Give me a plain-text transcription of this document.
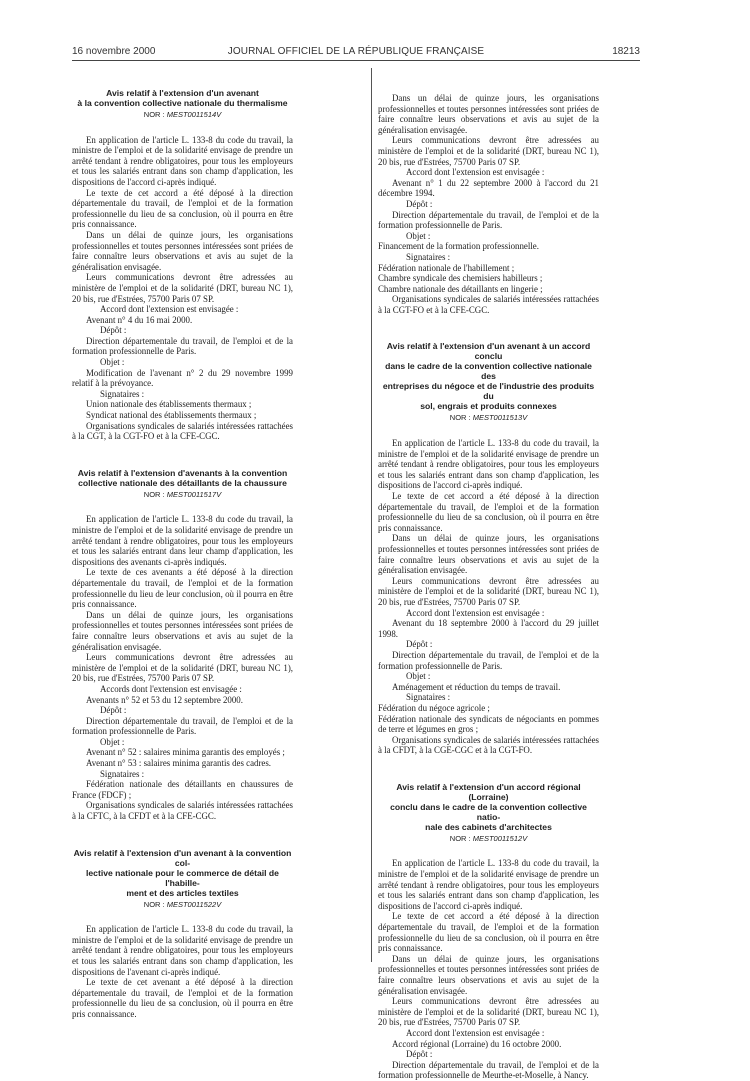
16 novembre 2000	JOURNAL OFFICIEL DE LA RÉPUBLIQUE FRANÇAISE	18213

Avis relatif à l'extension d'un avenant

à la convention collective nationale du thermalisme

NOR : MEST0011514V

En application de l'article L. 133-8 du code du travail, la ministre de l'emploi et de la solidarité envisage de prendre un arrêté tendant à rendre obligatoires, pour tous les employeurs et tous les salariés entrant dans son champ d'application, les dispositions de l'accord ci-après indiqué.

Le texte de cet accord a été déposé à la direction départementale du travail, de l'emploi et de la formation professionnelle du lieu de sa conclusion, où il pourra en être pris connaissance.

Dans un délai de quinze jours, les organisations professionnelles et toutes personnes intéressées sont priées de faire connaître leurs observations et avis au sujet de la généralisation envisagée.

Leurs communications devront être adressées au ministère de l'emploi et de la solidarité (DRT, bureau NC 1), 20 bis, rue d'Estrées, 75700 Paris 07 SP.

Accord dont l'extension est envisagée :

Avenant n° 4 du 16 mai 2000.

Dépôt :

Direction départementale du travail, de l'emploi et de la formation professionnelle de Paris.

Objet :

Modification de l'avenant n° 2 du 29 novembre 1999 relatif à la prévoyance.

Signataires :

Union nationale des établissements thermaux ;

Syndicat national des établissements thermaux ;

Organisations syndicales de salariés intéressées rattachées à la CGT, à la CGT-FO et à la CFE-CGC.

Avis relatif à l'extension d'avenants à la convention

collective nationale des détaillants de la chaussure

NOR : MEST0011517V

En application de l'article L. 133-8 du code du travail, la ministre de l'emploi et de la solidarité envisage de prendre un arrêté tendant à rendre obligatoires, pour tous les employeurs et tous les salariés entrant dans leur champ d'application, les dispositions des avenants ci-après indiqués.

Le texte de ces avenants a été déposé à la direction départementale du travail, de l'emploi et de la formation professionnelle du lieu de leur conclusion, où il pourra en être pris connaissance.

Dans un délai de quinze jours, les organisations professionnelles et toutes personnes intéressées sont priées de faire connaître leurs observations et avis au sujet de la généralisation envisagée.

Leurs communications devront être adressées au ministère de l'emploi et de la solidarité (DRT, bureau NC 1), 20 bis, rue d'Estrées, 75700 Paris 07 SP.

Accords dont l'extension est envisagée :

Avenants n° 52 et 53 du 12 septembre 2000.

Dépôt :

Direction départementale du travail, de l'emploi et de la formation professionnelle de Paris.

Objet :

Avenant n° 52 : salaires minima garantis des employés ;

Avenant n° 53 : salaires minima garantis des cadres.

Signataires :

Fédération nationale des détaillants en chaussures de France (FDCF) ;

Organisations syndicales de salariés intéressées rattachées à la CFTC, à la CFDT et à la CFE-CGC.

Avis relatif à l'extension d'un avenant à la convention col-

lective nationale pour le commerce de détail de l'habille-

ment et des articles textiles

NOR : MEST0011522V

En application de l'article L. 133-8 du code du travail, la ministre de l'emploi et de la solidarité envisage de prendre un arrêté tendant à rendre obligatoires, pour tous les employeurs et tous les salariés entrant dans son champ d'application, les dispositions de l'avenant ci-après indiqué.

Le texte de cet avenant a été déposé à la direction départementale du travail, de l'emploi et de la formation professionnelle du lieu de sa conclusion, où il pourra en être pris connaissance.

Dans un délai de quinze jours, les organisations professionnelles et toutes personnes intéressées sont priées de faire connaître leurs observations et avis au sujet de la généralisation envisagée.

Leurs communications devront être adressées au ministère de l'emploi et de la solidarité (DRT, bureau NC 1), 20 bis, rue d'Estrées, 75700 Paris 07 SP.

Accord dont l'extension est envisagée :

Avenant n° 1 du 22 septembre 2000 à l'accord du 21 décembre 1994.

Dépôt :

Direction départementale du travail, de l'emploi et de la formation professionnelle de Paris.

Objet :

Financement de la formation professionnelle.

Signataires :

Fédération nationale de l'habillement ;

Chambre syndicale des chemisiers habilleurs ;

Chambre nationale des détaillants en lingerie ;

Organisations syndicales de salariés intéressées rattachées à la CGT-FO et à la CFE-CGC.

Avis relatif à l'extension d'un avenant à un accord conclu

dans le cadre de la convention collective nationale des

entreprises du négoce et de l'industrie des produits du

sol, engrais et produits connexes

NOR : MEST0011513V

En application de l'article L. 133-8 du code du travail, la ministre de l'emploi et de la solidarité envisage de prendre un arrêté tendant à rendre obligatoires, pour tous les employeurs et tous les salariés entrant dans son champ d'application, les dispositions de l'accord ci-après indiqué.

Le texte de cet accord a été déposé à la direction départementale du travail, de l'emploi et de la formation professionnelle du lieu de sa conclusion, où il pourra en être pris connaissance.

Dans un délai de quinze jours, les organisations professionnelles et toutes personnes intéressées sont priées de faire connaître leurs observations et avis au sujet de la généralisation envisagée.

Leurs communications devront être adressées au ministère de l'emploi et de la solidarité (DRT, bureau NC 1), 20 bis, rue d'Estrées, 75700 Paris 07 SP.

Accord dont l'extension est envisagée :

Avenant du 18 septembre 2000 à l'accord du 29 juillet 1998.

Dépôt :

Direction départementale du travail, de l'emploi et de la formation professionnelle de Paris.

Objet :

Aménagement et réduction du temps de travail.

Signataires :

Fédération du négoce agricole ;

Fédération nationale des syndicats de négociants en pommes de terre et légumes en gros ;

Organisations syndicales de salariés intéressées rattachées à la CFDT, à la CGE-CGC et à la CGT-FO.

Avis relatif à l'extension d'un accord régional (Lorraine)

conclu dans le cadre de la convention collective natio-

nale des cabinets d'architectes

NOR : MEST0011512V

En application de l'article L. 133-8 du code du travail, la ministre de l'emploi et de la solidarité envisage de prendre un arrêté tendant à rendre obligatoires, pour tous les employeurs et tous les salariés entrant dans son champ d'application, les dispositions de l'accord ci-après indiqué.

Le texte de cet accord a été déposé à la direction départementale du travail, de l'emploi et de la formation professionnelle du lieu de sa conclusion, où il pourra en être pris connaissance.

Dans un délai de quinze jours, les organisations professionnelles et toutes personnes intéressées sont priées de faire connaître leurs observations et avis au sujet de la généralisation envisagée.

Leurs communications devront être adressées au ministère de l'emploi et de la solidarité (DRT, bureau NC 1), 20 bis, rue d'Estrées, 75700 Paris 07 SP.

Accord dont l'extension est envisagée :

Accord régional (Lorraine) du 16 octobre 2000.

Dépôt :

Direction départementale du travail, de l'emploi et de la formation professionnelle de Meurthe-et-Moselle, à Nancy.
